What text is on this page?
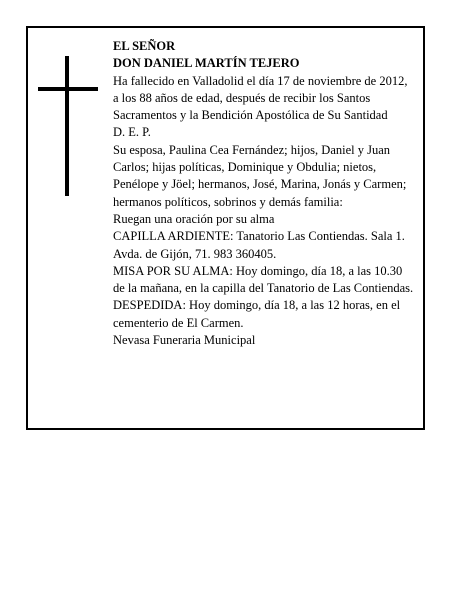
EL SEÑOR

DON DANIEL MARTÍN TEJERO

Ha fallecido en Valladolid el día 17 de noviembre de 2012, a los 88 años de edad, después de recibir los Santos Sacramentos y la Bendición Apostólica de Su Santidad

D. E. P.

Su esposa, Paulina Cea Fernández; hijos, Daniel y Juan Carlos; hijas políticas, Dominique y Obdulia; nietos, Penélope y Jöel; hermanos, José, Marina, Jonás y Carmen; hermanos políticos, sobrinos y demás familia:

Ruegan una oración por su alma

CAPILLA ARDIENTE: Tanatorio Las Contiendas. Sala 1. Avda. de Gijón, 71. 983 360405.

MISA POR SU ALMA: Hoy domingo, día 18, a las 10.30 de la mañana, en la capilla del Tanatorio de Las Contiendas.

DESPEDIDA: Hoy domingo, día 18, a las 12 horas, en el cementerio de El Carmen.

Nevasa Funeraria Municipal
